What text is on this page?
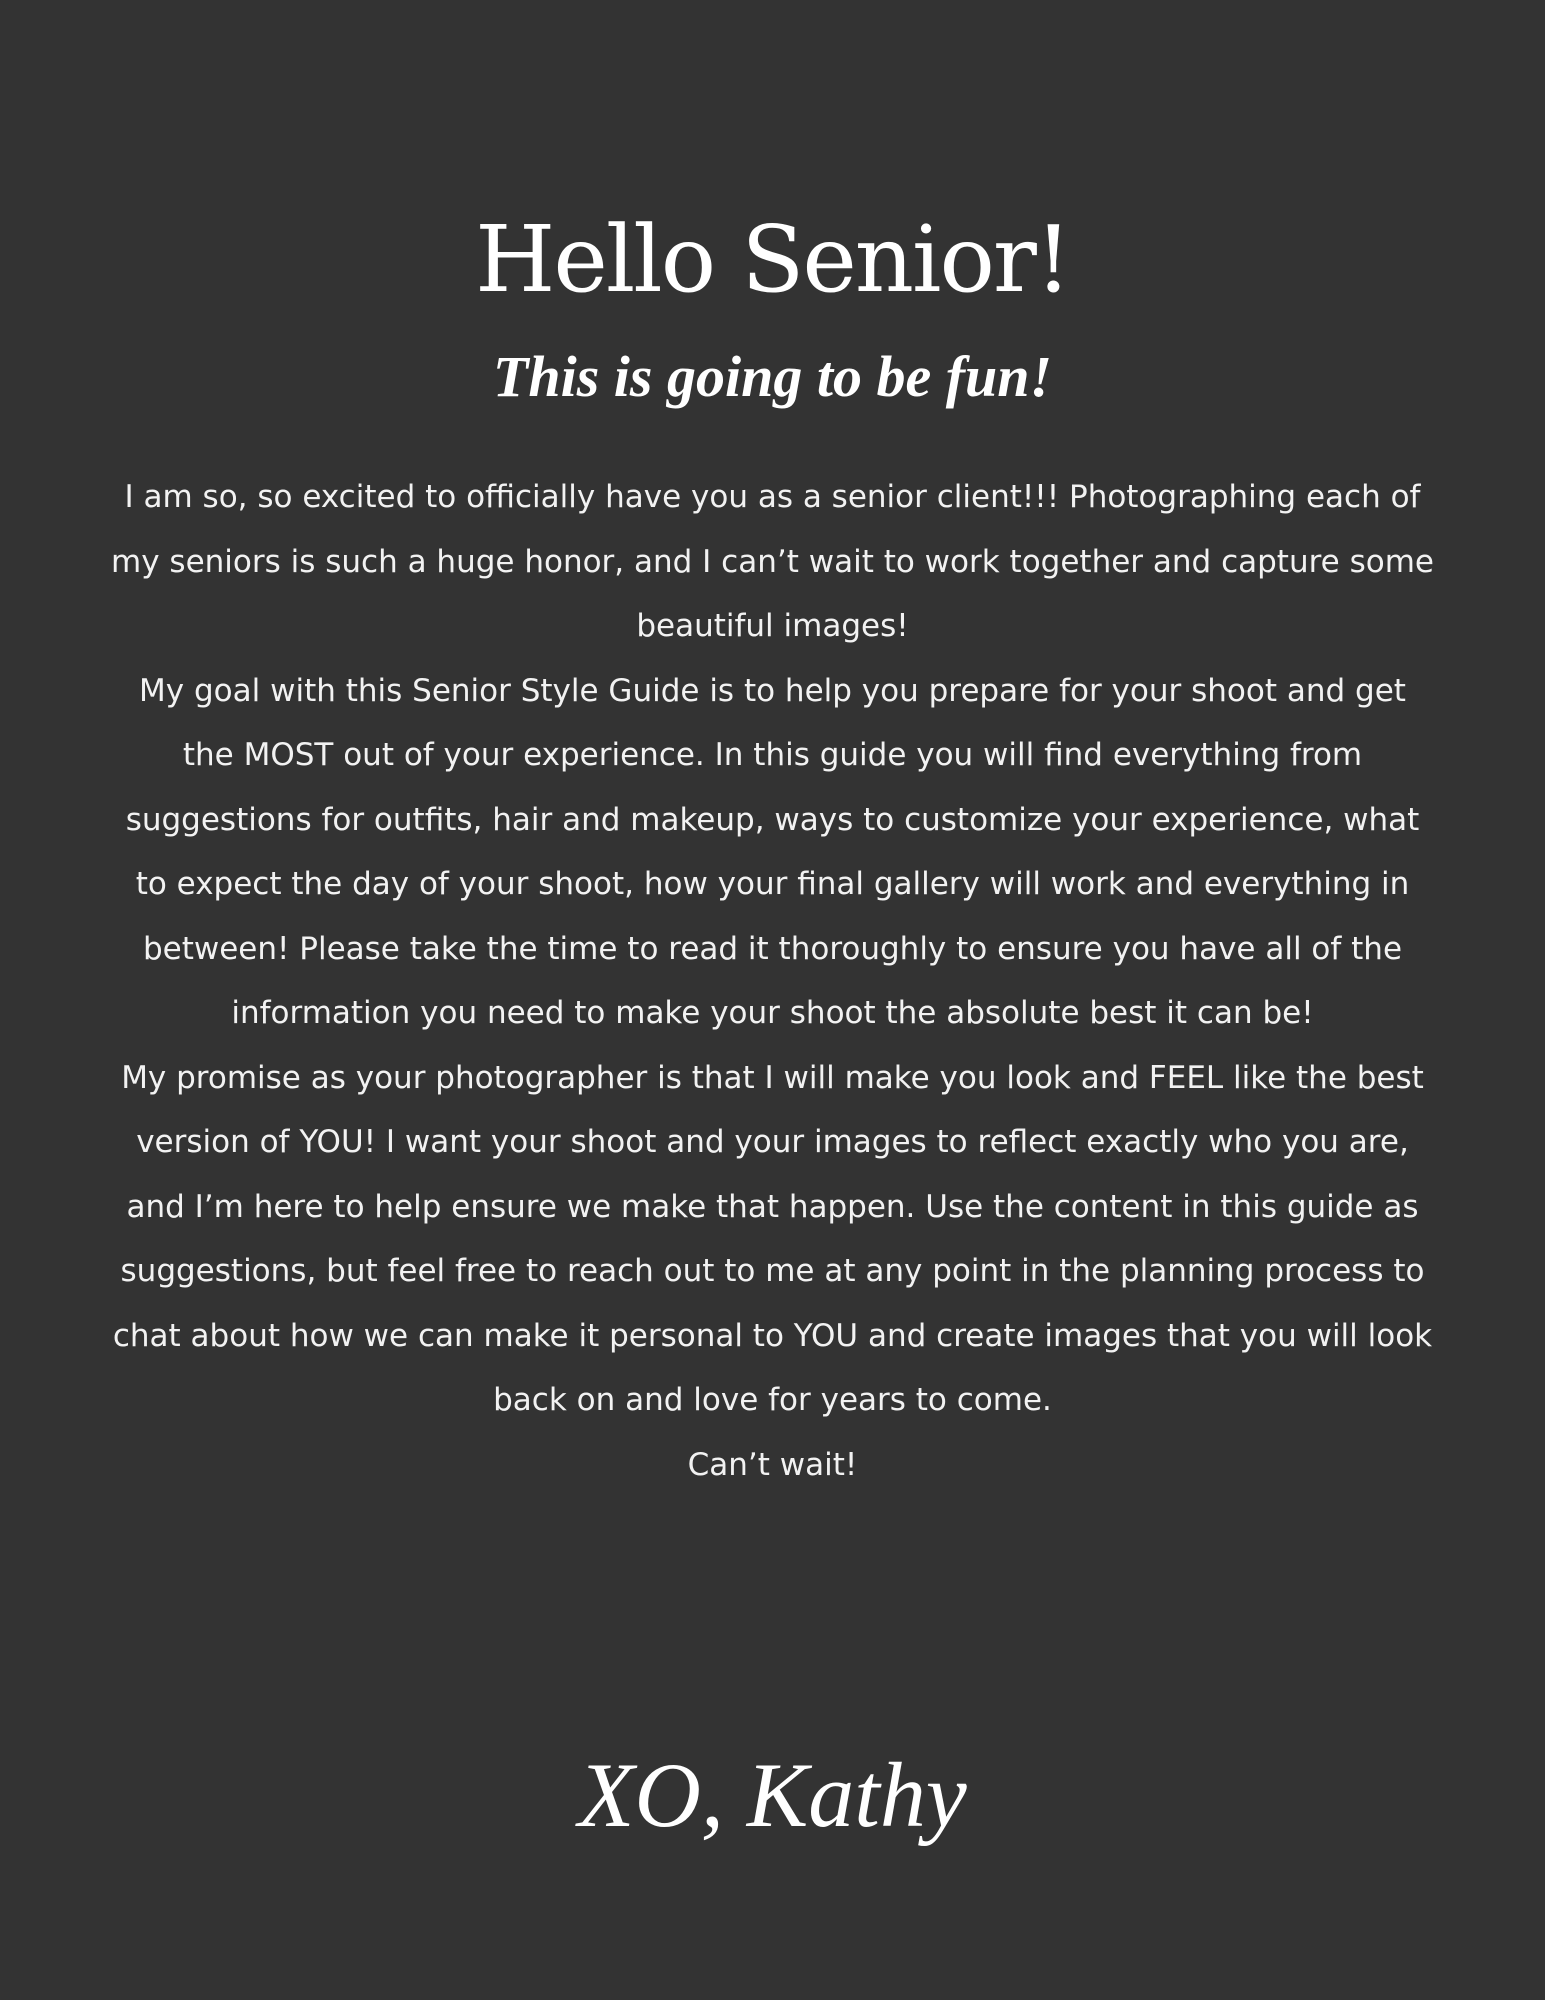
Hello Senior!
This is going to be fun!

I am so, so excited to officially have you as a senior client!!! Photographing each of my seniors is such a huge honor, and I can’t wait to work together and capture some beautiful images!

My goal with this Senior Style Guide is to help you prepare for your shoot and get the MOST out of your experience. In this guide you will find everything from suggestions for outfits, hair and makeup, ways to customize your experience, what to expect the day of your shoot, how your final gallery will work and everything in between! Please take the time to read it thoroughly to ensure you have all of the information you need to make your shoot the absolute best it can be!

My promise as your photographer is that I will make you look and FEEL like the best version of YOU! I want your shoot and your images to reflect exactly who you are, and I’m here to help ensure we make that happen. Use the content in this guide as suggestions, but feel free to reach out to me at any point in the planning process to chat about how we can make it personal to YOU and create images that you will look back on and love for years to come.

Can’t wait!

XO, Kathy
